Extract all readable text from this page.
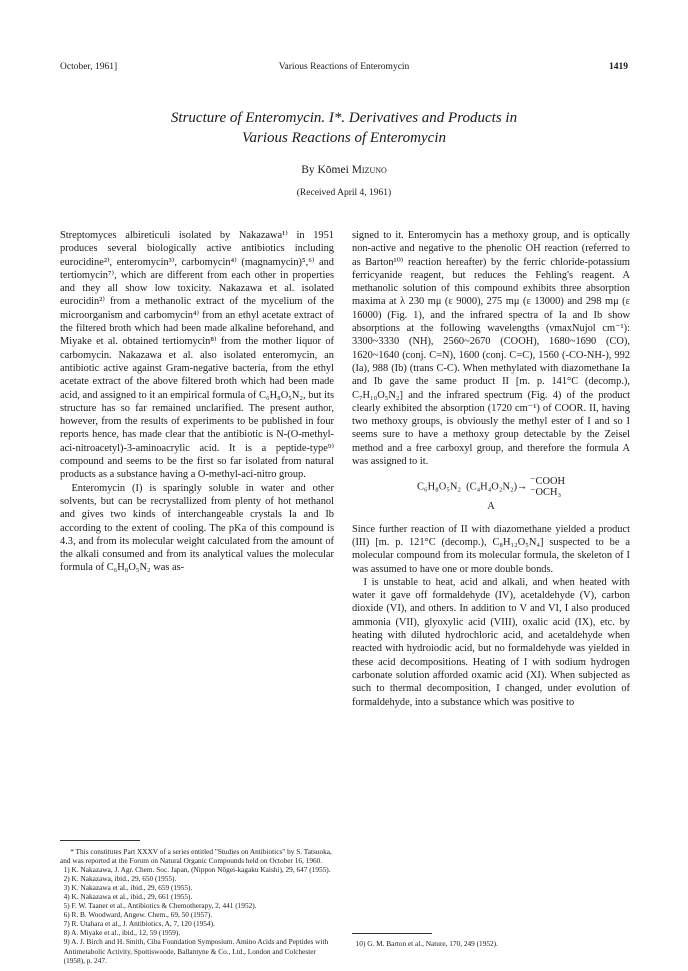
October, 1961]	Various Reactions of Enteromycin	1419
Structure of Enteromycin. I*. Derivatives and Products in
Various Reactions of Enteromycin
By Kōmei Mizuno
(Received April 4, 1961)

Streptomyces albireticuli isolated by Nakazawa¹⁾ in 1951 produces several biologically active antibiotics including eurocidine²⁾, enteromycin³⁾, carbomycin⁴⁾ (magnamycin)⁵,⁶⁾ and tertiomycin⁷⁾, which are different from each other in properties and they all show low toxicity. Nakazawa et al. isolated eurocidin²⁾ from a methanolic extract of the mycelium of the microorganism and carbomycin⁴⁾ from an ethyl acetate extract of the filtered broth which had been made alkaline beforehand, and Miyake et al. obtained tertiomycin⁸⁾ from the mother liquor of carbomycin. Nakazawa et al. also isolated enteromycin, an antibiotic active against Gram-negative bacteria, from the ethyl acetate extract of the above filtered broth which had been made acid, and assigned to it an empirical formula of C₆H₈O₅N₂, but its structure has so far remained unclarified. The present author, however, from the results of experiments to be published in four reports hence, has made clear that the antibiotic is N-(O-methyl-aci-nitroacetyl)-3-aminoacrylic acid. It is a peptide-type⁹⁾ compound and seems to be the first so far isolated from natural products as a substance having a O-methyl-aci-nitro group.

Enteromycin (I) is sparingly soluble in water and other solvents, but can be recrystallized from plenty of hot methanol and gives two kinds of interchangeable crystals Ia and Ib according to the extent of cooling. The pKa of this compound is 4.3, and from its molecular weight calculated from the amount of the alkali consumed and from its analytical values the molecular formula of C₆H₈O₅N₂ was as-

signed to it. Enteromycin has a methoxy group, and is optically non-active and negative to the phenolic OH reaction (referred to as Barton¹⁰⁾ reaction hereafter) by the ferric chloride-potassium ferricyanide reagent, but reduces the Fehling's reagent. A methanolic solution of this compound exhibits three absorption maxima at λ 230 mμ (ε 9000), 275 mμ (ε 13000) and 298 mμ (ε 16000) (Fig. 1), and the infrared spectra of Ia and Ib show absorptions at the following wavelengths (νmaxNujol cm⁻¹): 3300~3330 (NH), 2560~2670 (COOH), 1680~1690 (CO), 1620~1640 (conj. C=N), 1600 (conj. C=C), 1560 (-CO-NH-), 992 (Ia), 988 (Ib) (trans C-C). When methylated with diazomethane Ia and Ib gave the same product II [m. p. 141°C (decomp.), C₇H₁₀O₅N₂] and the infrared spectrum (Fig. 4) of the product clearly exhibited the absorption (1720 cm⁻¹) of COOR. II, having two methoxy groups, is obviously the methyl ester of I and so I seems sure to have a methoxy group detectable by the Zeisel method and a free carboxyl group, and therefore the formula A was assigned to it.

C₆H₈O₅N₂ (C₄H₄O₂N₂)→ ⁻COOH
⁻OCH₃
A

Since further reaction of II with diazomethane yielded a product (III) [m. p. 121°C (decomp.), C₈H₁₂O₅N₄] suspected to be a molecular compound from its molecular formula, the skeleton of I was assumed to have one or more double bonds.

I is unstable to heat, acid and alkali, and when heated with water it gave off formaldehyde (IV), acetaldehyde (V), carbon dioxide (VI), and others. In addition to V and VI, I also produced ammonia (VII), glyoxylic acid (VIII), oxalic acid (IX), etc. by heating with diluted hydrochloric acid, and acetaldehyde when reacted with hydroiodic acid, but no formaldehyde was yielded in these acid decompositions. Heating of I with sodium hydrogen carbonate solution afforded oxamic acid (XI). When subjected as such to thermal decomposition, I changed, under evolution of formaldehyde, into a substance which was positive to

* This constitutes Part XXXV of a series entitled "Studies on Antibiotics" by S. Tatsuoka, and was reported at the Forum on Natural Organic Compounds held on October 16, 1960.

1) K. Nakazawa, J. Agr. Chem. Soc. Japan, (Nippon Nōgei-kagaku Kaishi), 29, 647 (1955).

2) K. Nakazawa, ibid., 29, 650 (1955).

3) K. Nakazawa et al., ibid., 29, 659 (1955).

4) K. Nakazawa et al., ibid., 29, 661 (1955).

5) F. W. Taaner et al., Antibiotics & Chemotherapy, 2, 441 (1952).

6) R. B. Woodward, Angew. Chem., 69, 50 (1957).

7) R. Utahara et al., J. Antibiotics, A, 7, 120 (1954).

8) A. Miyake et al., ibid., 12, 59 (1959).

9) A. J. Birch and H. Smith, Ciba Foundation Symposium. Amino Acids and Peptides with Antimetabolic Activity, Spottiswoode, Ballantyne & Co., Ltd., London and Colchester (1958), p. 247.

10) G. M. Barton et al., Nature, 170, 249 (1952).
